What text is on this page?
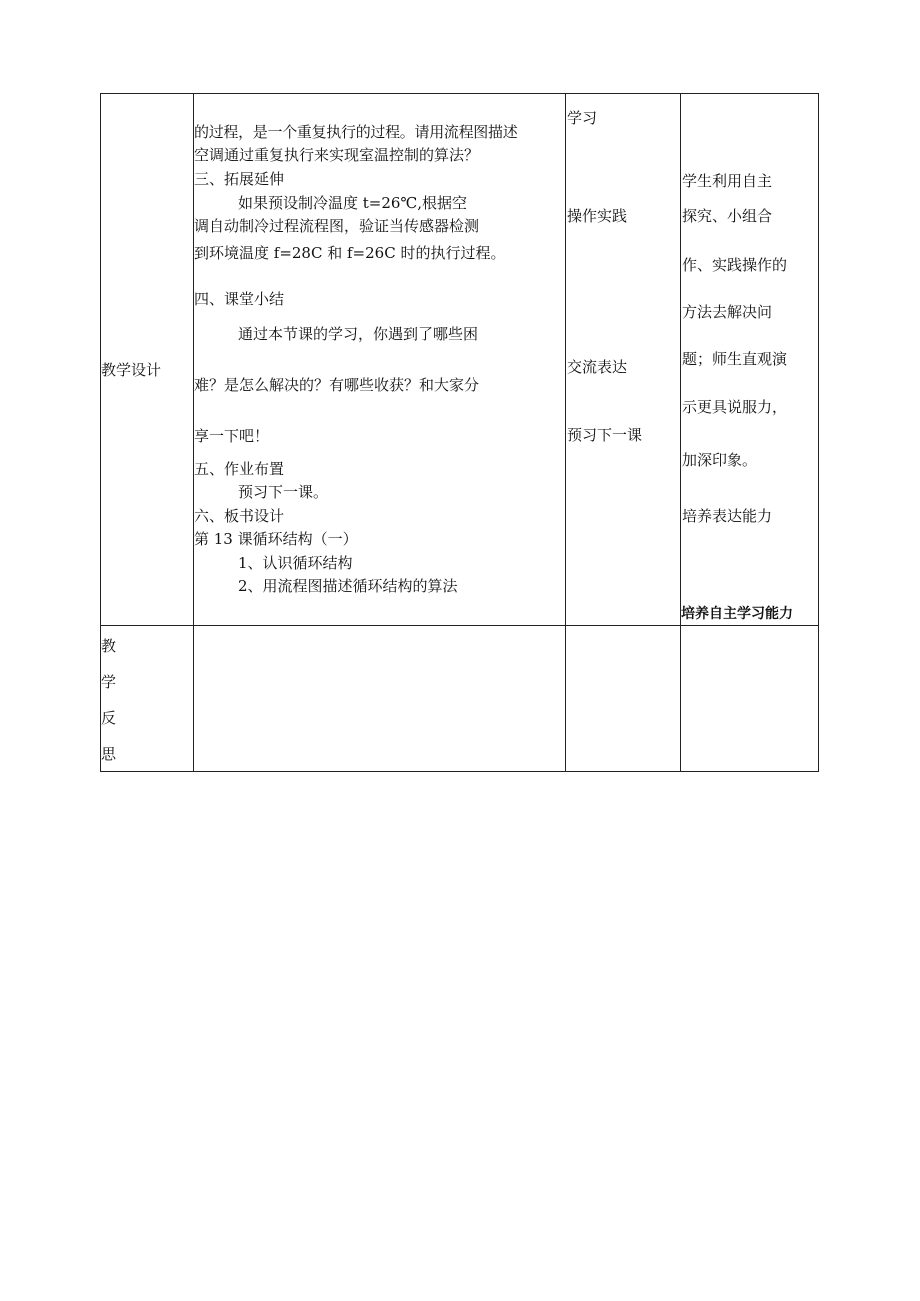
教学设计
的过程，是一个重复执行的过程。请用流程图描述
空调通过重复执行来实现室温控制的算法？
三、拓展延伸
如果预设制冷温度 t=26℃,根据空
调自动制冷过程流程图，验证当传感器检测
到环境温度 f=28C 和 f=26C 时的执行过程。
四、课堂小结
通过本节课的学习，你遇到了哪些困
难？是怎么解决的？有哪些收获？和大家分
享一下吧！
五、作业布置
预习下一课。
六、板书设计
第 13 课循环结构（一）
1、认识循环结构
2、用流程图描述循环结构的算法
学习
操作实践
交流表达
预习下一课
学生利用自主
探究、小组合
作、实践操作的
方法去解决问
题；师生直观演
示更具说服力，
加深印象。
培养表达能力
培养自主学习能力
教
学
反
思
